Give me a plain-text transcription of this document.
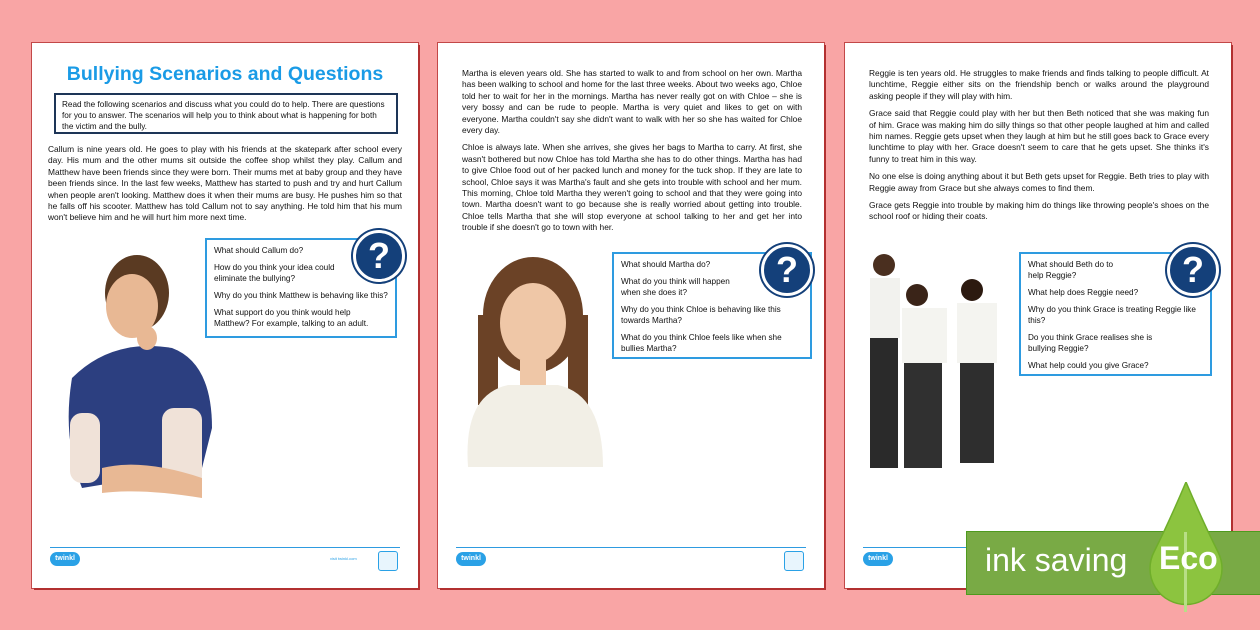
Bullying Scenarios and Questions
Read the following scenarios and discuss what you could do to help. There are questions for you to answer. The scenarios will help you to think about what is happening for both the victim and the bully.

Callum is nine years old. He goes to play with his friends at the skatepark after school every day. His mum and the other mums sit outside the coffee shop whilst they play. Callum and Matthew have been friends since they were born. Their mums met at baby group and they have been friends since. In the last few weeks, Matthew has started to push and try and hurt Callum when people aren't looking. Matthew does it when their mums are busy. He pushes him so that he falls off his scooter. Matthew has told Callum not to say anything. He told him that his mum won't believe him and he will hurt him more next time.

What should Callum do?

How do you think your idea could eliminate the bullying?

Why do you think Matthew is behaving like this?

What support do you think would help Matthew? For example, talking to an adult.

?
twinkl	visit twinkl.com

Martha is eleven years old. She has started to walk to and from school on her own. Martha has been walking to school and home for the last three weeks. About two weeks ago, Chloe told her to wait for her in the mornings. Martha has never really got on with Chloe – she is very bossy and can be rude to people. Martha is very quiet and likes to get on with everyone. Martha couldn't say she didn't want to walk with her so she has waited for Chloe every day.

Chloe is always late. When she arrives, she gives her bags to Martha to carry. At first, she wasn't bothered but now Chloe has told Martha she has to do other things. Martha has had to give Chloe food out of her packed lunch and money for the tuck shop. If they are late to school, Chloe says it was Martha's fault and she gets into trouble with school and her mum. This morning, Chloe told Martha they weren't going to school and that they were going into town. Martha doesn't want to go because she is really worried about getting into trouble. Chloe tells Martha that she will stop everyone at school talking to her and get her into trouble if she doesn't go to town with her.

What should Martha do?

What do you think will happen when she does it?

Why do you think Chloe is behaving like this towards Martha?

What do you think Chloe feels like when she bullies Martha?

?
twinkl

Reggie is ten years old. He struggles to make friends and finds talking to people difficult. At lunchtime, Reggie either sits on the friendship bench or walks around the playground asking people if they will play with him.

Grace said that Reggie could play with her but then Beth noticed that she was making fun of him. Grace was making him do silly things so that other people laughed at him and called him names. Reggie gets upset when they laugh at him but he still goes back to Grace every lunchtime to play with her. Grace doesn't seem to care that he gets upset. She thinks it's funny to treat him in this way.

No one else is doing anything about it but Beth gets upset for Reggie. Beth tries to play with Reggie away from Grace but she always comes to find them.

Grace gets Reggie into trouble by making him do things like throwing people's shoes on the school roof or hiding their coats.

What should Beth do to help Reggie?

What help does Reggie need?

Why do you think Grace is treating Reggie like this?

Do you think Grace realises she is bullying Reggie?

What help could you give Grace?

?
twinkl	ink saving Eco
